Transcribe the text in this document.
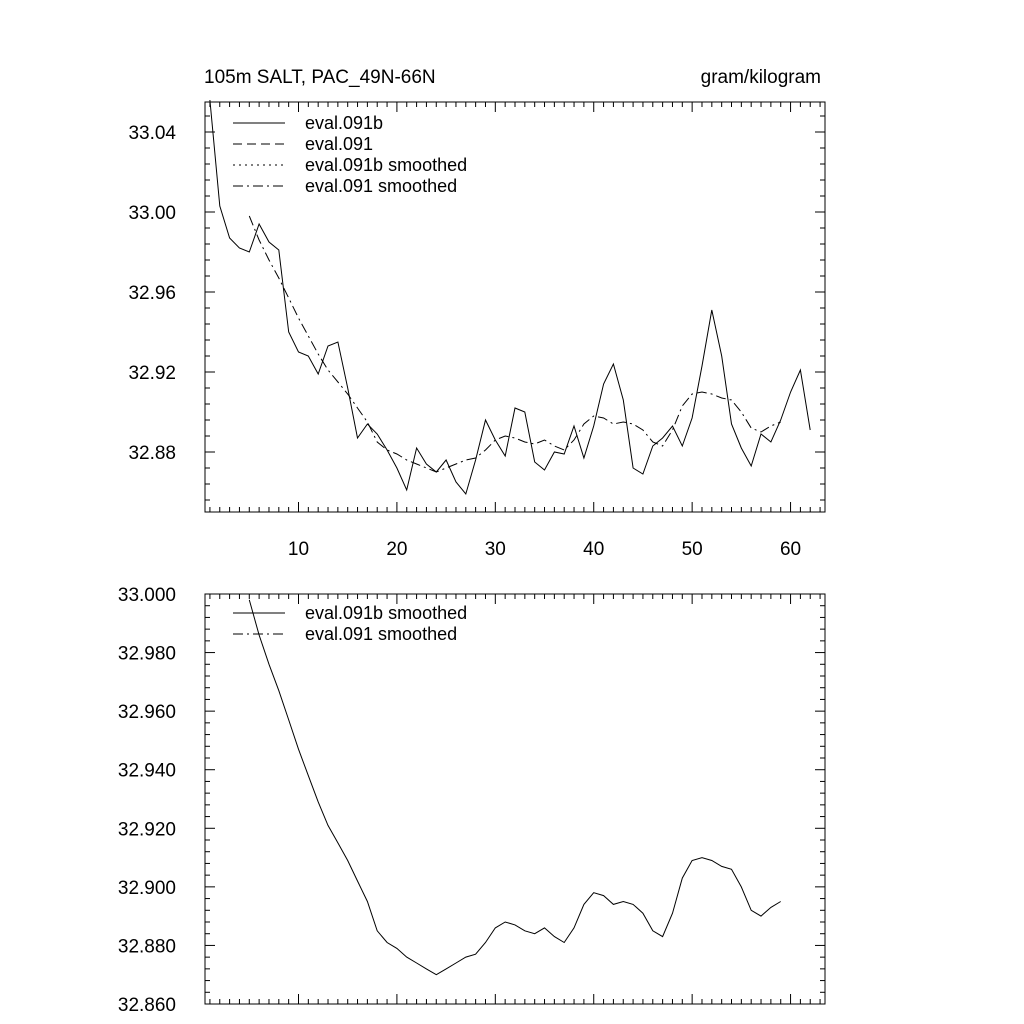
10	20	30	40	50	60
32.88
32.92
32.96
33.00
33.04
105m SALT, PAC_49N-66N	gram/kilogram
eval.091b
eval.091
eval.091b smoothed
eval.091 smoothed
32.860
32.880
32.900
32.920
32.940
32.960
32.980
33.000
eval.091b smoothed
eval.091 smoothed
